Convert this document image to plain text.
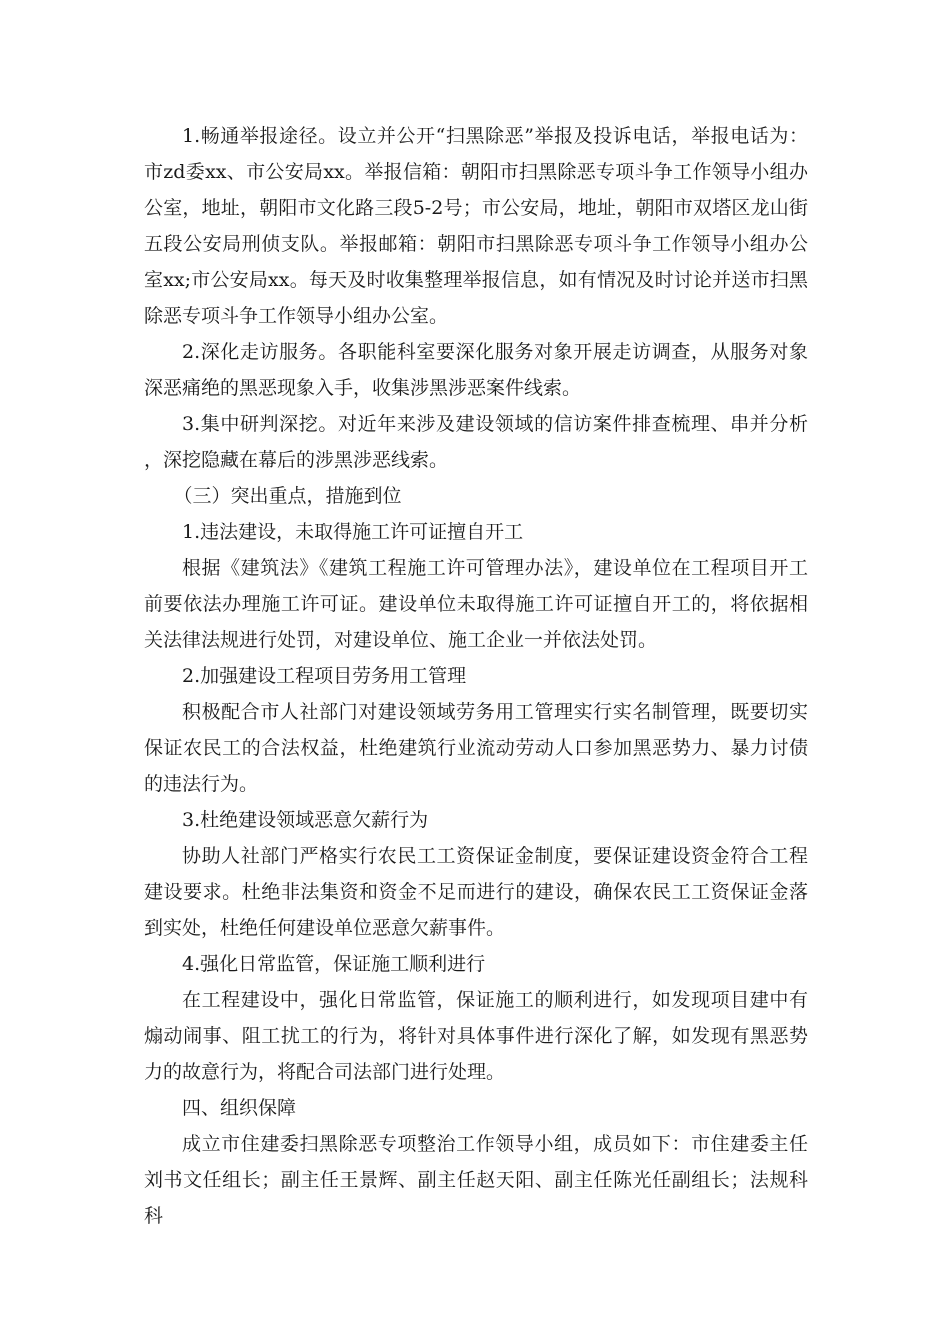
1.畅通举报途径。设立并公开“扫黑除恶”举报及投诉电话，举报电话为：市zd委xx、市公安局xx。举报信箱：朝阳市扫黑除恶专项斗争工作领导小组办公室，地址，朝阳市文化路三段5-2号；市公安局，地址，朝阳市双塔区龙山街五段公安局刑侦支队。举报邮箱：朝阳市扫黑除恶专项斗争工作领导小组办公室xx;市公安局xx。每天及时收集整理举报信息，如有情况及时讨论并送市扫黑除恶专项斗争工作领导小组办公室。

2.深化走访服务。各职能科室要深化服务对象开展走访调查，从服务对象深恶痛绝的黑恶现象入手，收集涉黑涉恶案件线索。

3.集中研判深挖。对近年来涉及建设领域的信访案件排查梳理、串并分析，深挖隐藏在幕后的涉黑涉恶线索。

（三）突出重点，措施到位

1.违法建设，未取得施工许可证擅自开工

根据《建筑法》《建筑工程施工许可管理办法》，建设单位在工程项目开工前要依法办理施工许可证。建设单位未取得施工许可证擅自开工的，将依据相关法律法规进行处罚，对建设单位、施工企业一并依法处罚。

2.加强建设工程项目劳务用工管理

积极配合市人社部门对建设领域劳务用工管理实行实名制管理，既要切实保证农民工的合法权益，杜绝建筑行业流动劳动人口参加黑恶势力、暴力讨债的违法行为。

3.杜绝建设领域恶意欠薪行为

协助人社部门严格实行农民工工资保证金制度，要保证建设资金符合工程建设要求。杜绝非法集资和资金不足而进行的建设，确保农民工工资保证金落到实处，杜绝任何建设单位恶意欠薪事件。

4.强化日常监管，保证施工顺利进行

在工程建设中，强化日常监管，保证施工的顺利进行，如发现项目建中有煽动闹事、阻工扰工的行为，将针对具体事件进行深化了解，如发现有黑恶势力的故意行为，将配合司法部门进行处理。

四、组织保障

成立市住建委扫黑除恶专项整治工作领导小组，成员如下：市住建委主任刘书文任组长；副主任王景辉、副主任赵天阳、副主任陈光任副组长；法规科科
